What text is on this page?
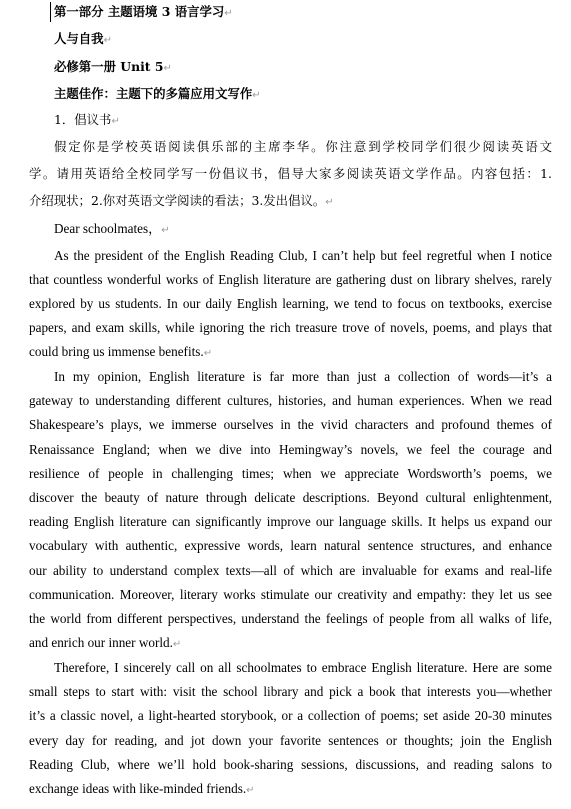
第一部分 主题语境 3 语言学习↵
人与自我↵
必修第一册 Unit 5↵
主题佳作：主题下的多篇应用文写作↵
1．倡议书↵
假定你是学校英语阅读俱乐部的主席李华。你注意到学校同学们很少阅读英语文
学。请用英语给全校同学写一份倡议书，倡导大家多阅读英语文学作品。内容包括：1.
介绍现状；2.你对英语文学阅读的看法；3.发出倡议。↵
Dear schoolmates，↵
As the president of the English Reading Club, I can’t help but feel regretful when I notice
that countless wonderful works of English literature are gathering dust on library shelves, rarely
explored by us students. In our daily English learning, we tend to focus on textbooks, exercise
papers, and exam skills, while ignoring the rich treasure trove of novels, poems, and plays that
could bring us immense benefits.↵
In my opinion, English literature is far more than just a collection of words—it’s a
gateway to understanding different cultures, histories, and human experiences. When we read
Shakespeare’s plays, we immerse ourselves in the vivid characters and profound themes of
Renaissance England; when we dive into Hemingway’s novels, we feel the courage and
resilience of people in challenging times; when we appreciate Wordsworth’s poems, we
discover the beauty of nature through delicate descriptions. Beyond cultural enlightenment,
reading English literature can significantly improve our language skills. It helps us expand our
vocabulary with authentic, expressive words, learn natural sentence structures, and enhance
our ability to understand complex texts—all of which are invaluable for exams and real-life
communication. Moreover, literary works stimulate our creativity and empathy: they let us see
the world from different perspectives, understand the feelings of people from all walks of life,
and enrich our inner world.↵
Therefore, I sincerely call on all schoolmates to embrace English literature. Here are some
small steps to start with: visit the school library and pick a book that interests you—whether
it’s a classic novel, a light-hearted storybook, or a collection of poems; set aside 20-30 minutes
every day for reading, and jot down your favorite sentences or thoughts; join the English
Reading Club, where we’ll hold book-sharing sessions, discussions, and reading salons to
exchange ideas with like-minded friends.↵
